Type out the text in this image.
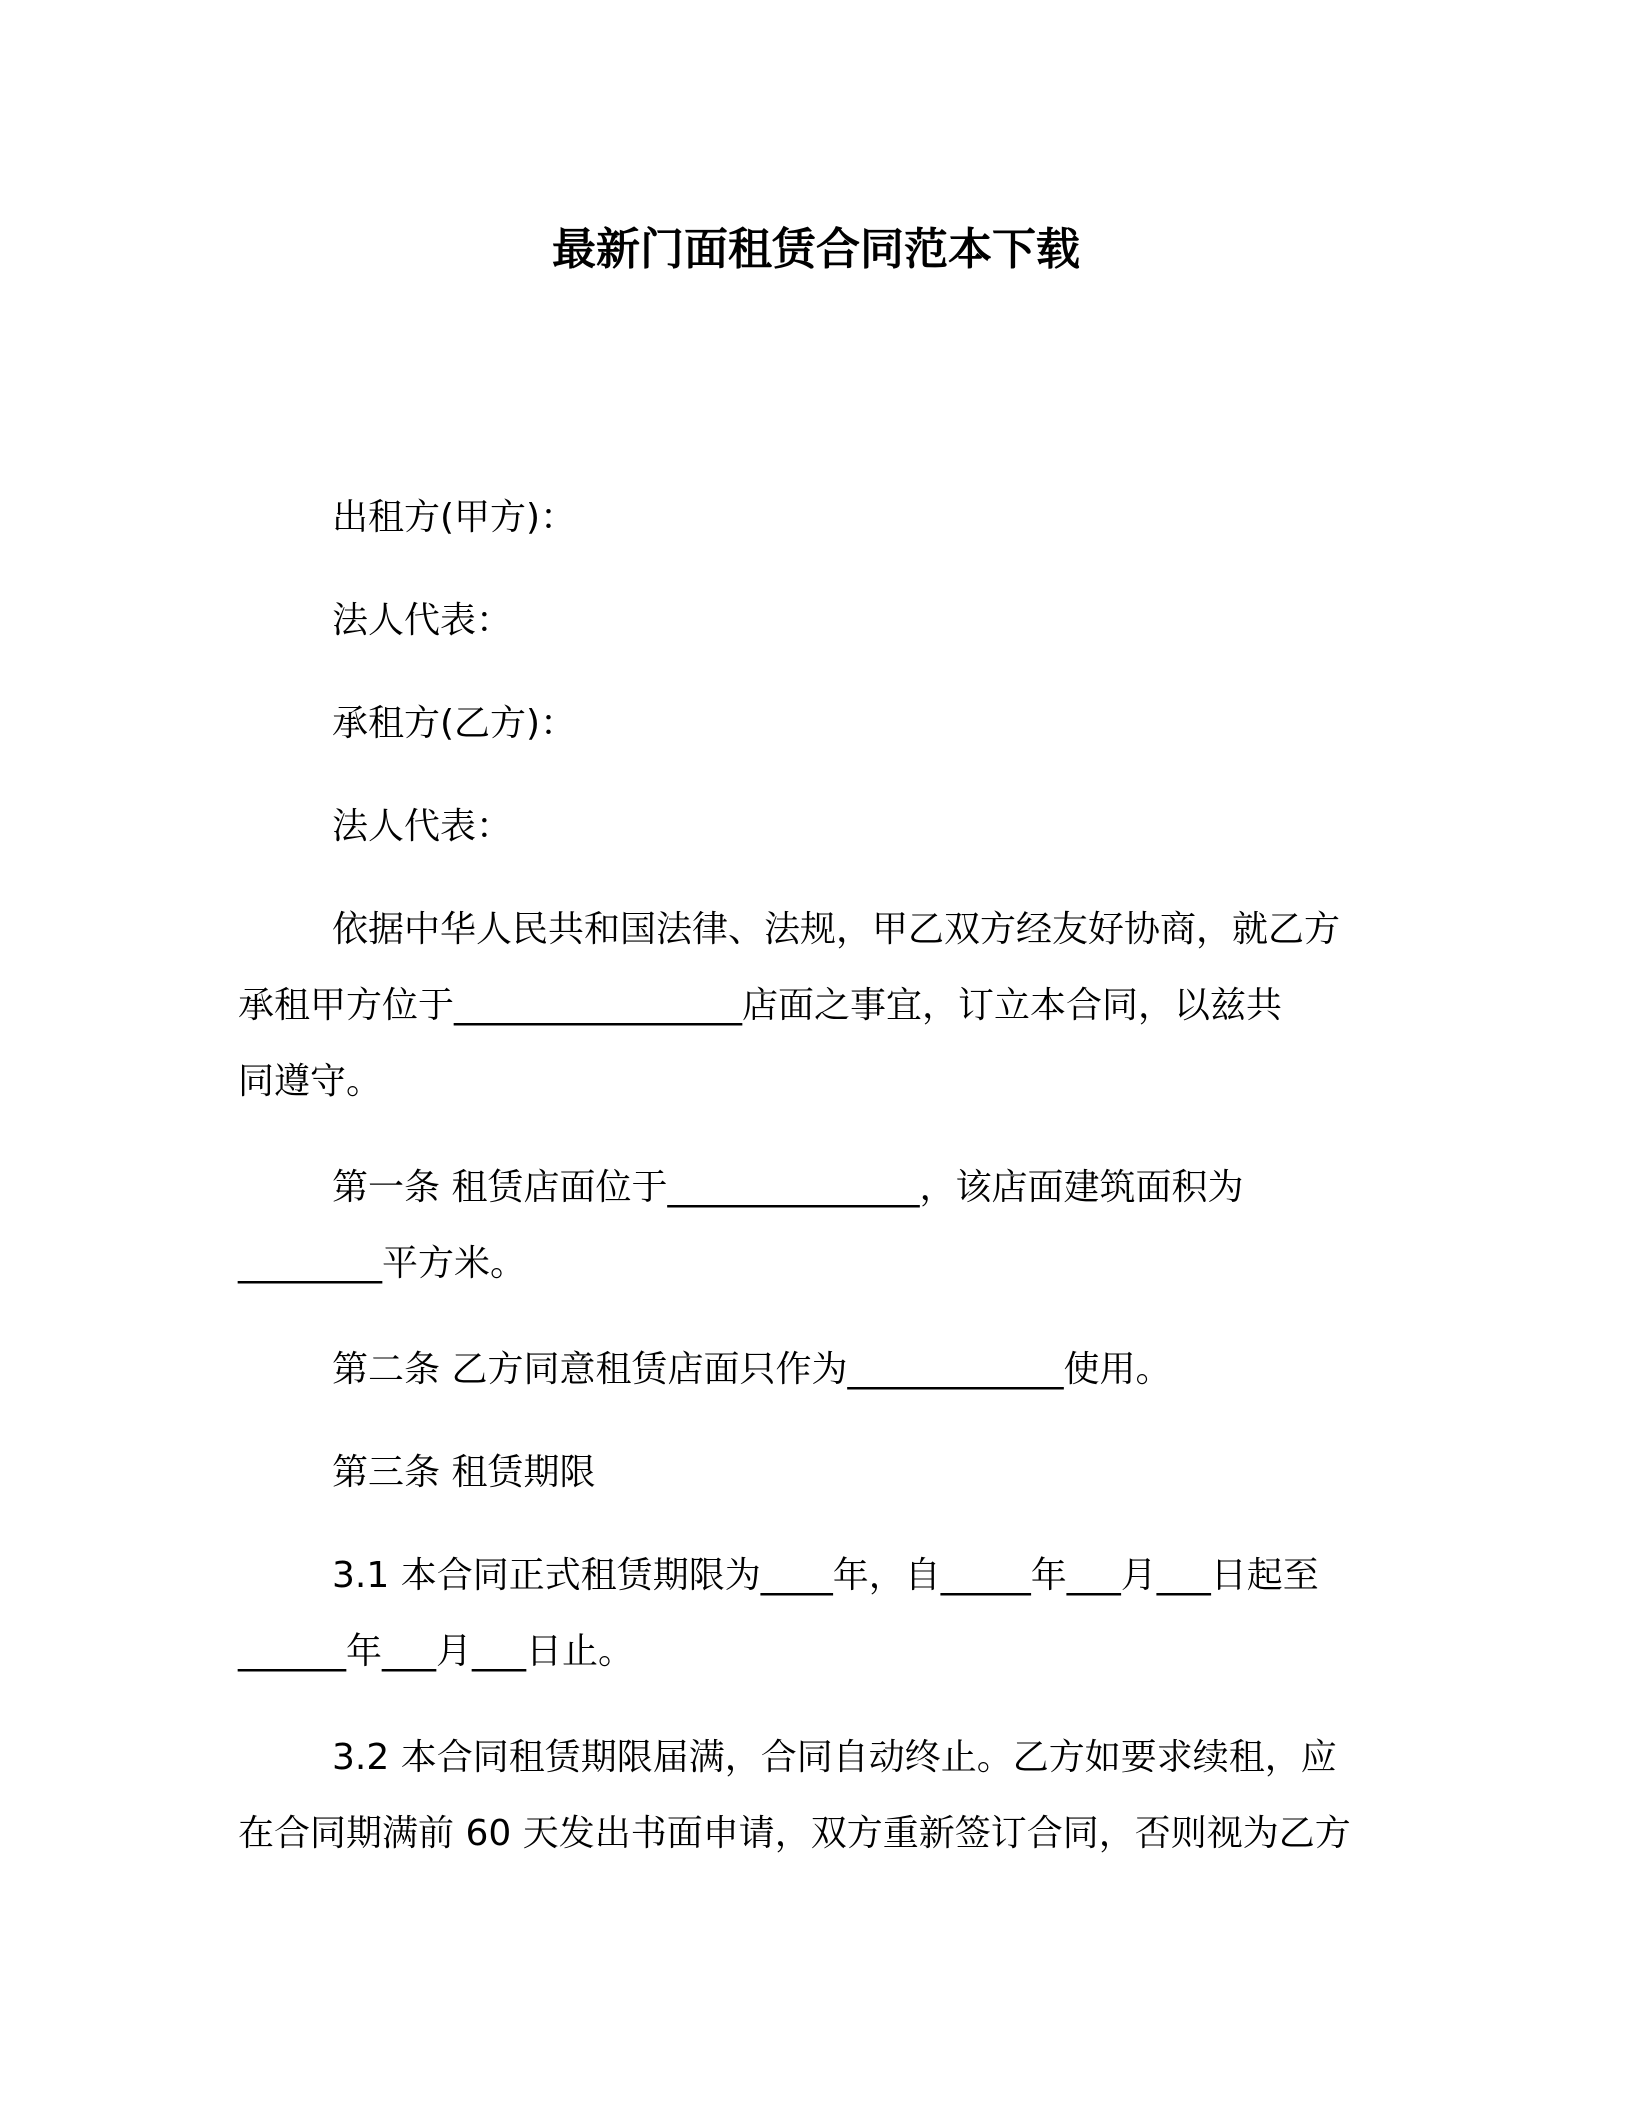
最新门面租赁合同范本下载
出租方(甲方)：
法人代表：
承租方(乙方)：
法人代表：
依据中华人民共和国法律、法规，甲乙双方经友好协商，就乙方
承租甲方位于________________店面之事宜，订立本合同，以兹共
同遵守。
第一条 租赁店面位于______________，该店面建筑面积为
________平方米。
第二条 乙方同意租赁店面只作为____________使用。
第三条 租赁期限
3.1 本合同正式租赁期限为____年，自_____年___月___日起至
______年___月___日止。
3.2 本合同租赁期限届满，合同自动终止。乙方如要求续租，应
在合同期满前 60 天发出书面申请，双方重新签订合同，否则视为乙方
